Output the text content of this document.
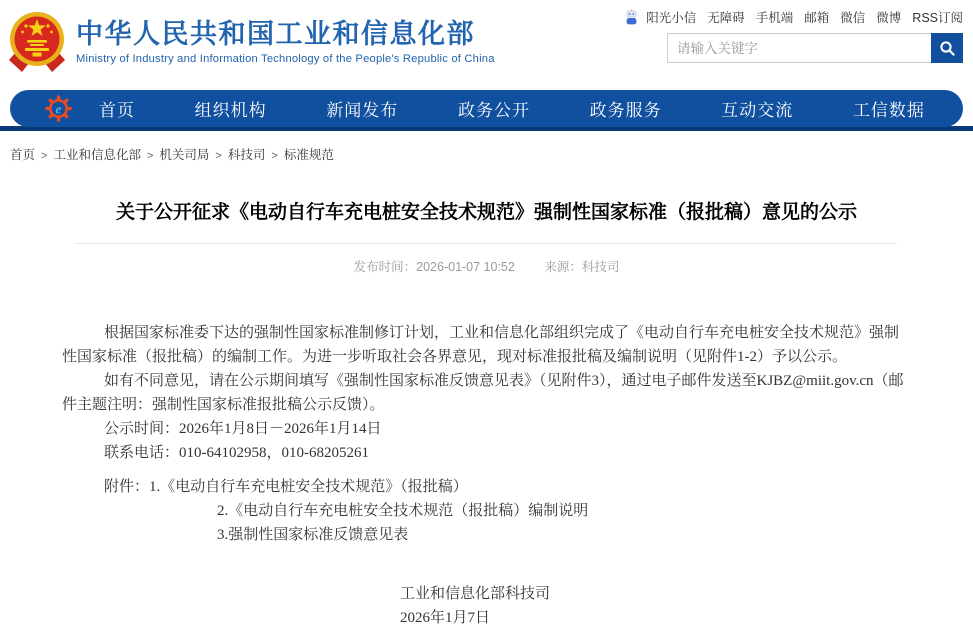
中华人民共和国工业和信息化部
Ministry of Industry and Information Technology of the People's Republic of China
阳光小信 无障碍 手机端 邮箱 微信 微博 RSS订阅
请输入关键字
e 首页	组织机构	新闻发布	政务公开	政务服务	互动交流	工信数据
首页 > 工业和信息化部 > 机关司局 > 科技司 > 标准规范
关于公开征求《电动自行车充电桩安全技术规范》强制性国家标准（报批稿）意见的公示
发布时间：2026-01-07 10:52 来源：科技司

根据国家标准委下达的强制性国家标准制修订计划，工业和信息化部组织完成了《电动自行车充电桩安全技术规范》强制性国家标准（报批稿）的编制工作。为进一步听取社会各界意见，现对标准报批稿及编制说明（见附件1-2）予以公示。

如有不同意见，请在公示期间填写《强制性国家标准反馈意见表》（见附件3），通过电子邮件发送至KJBZ@miit.gov.cn（邮件主题注明：强制性国家标准报批稿公示反馈）。

公示时间：2026年1月8日－2026年1月14日

联系电话：010-64102958，010-68205261

附件：1.《电动自行车充电桩安全技术规范》（报批稿）

2.《电动自行车充电桩安全技术规范（报批稿）编制说明

3.强制性国家标准反馈意见表

工业和信息化部科技司
2026年1月7日
